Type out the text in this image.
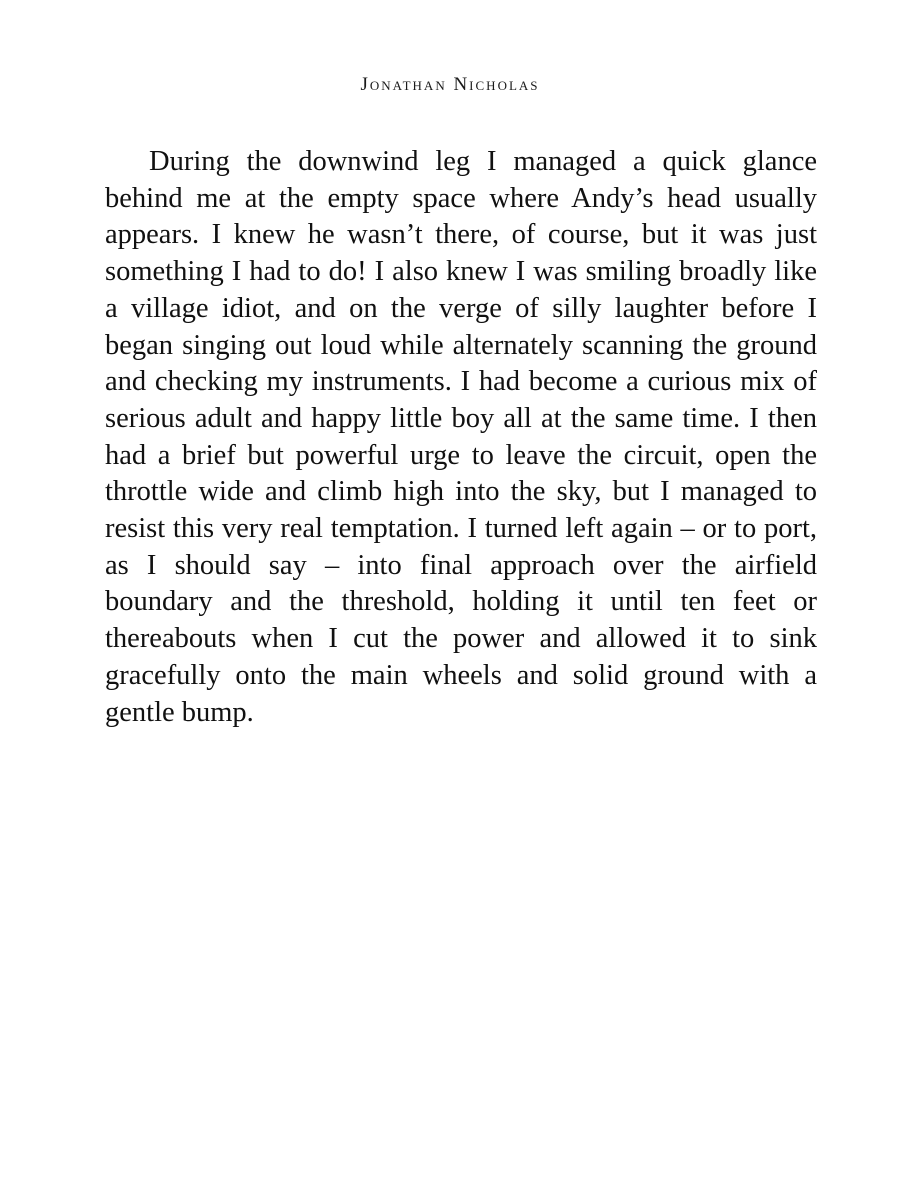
Jonathan Nicholas

During the downwind leg I managed a quick glance behind me at the empty space where Andy’s head usually appears. I knew he wasn’t there, of course, but it was just something I had to do! I also knew I was smiling broadly like a village idiot, and on the verge of silly laughter before I began singing out loud while alternately scanning the ground and checking my instruments. I had become a curious mix of serious adult and happy little boy all at the same time. I then had a brief but powerful urge to leave the circuit, open the throttle wide and climb high into the sky, but I managed to resist this very real temptation. I turned left again – or to port, as I should say – into final approach over the airfield boundary and the threshold, holding it until ten feet or thereabouts when I cut the power and allowed it to sink gracefully onto the main wheels and solid ground with a gentle bump.
